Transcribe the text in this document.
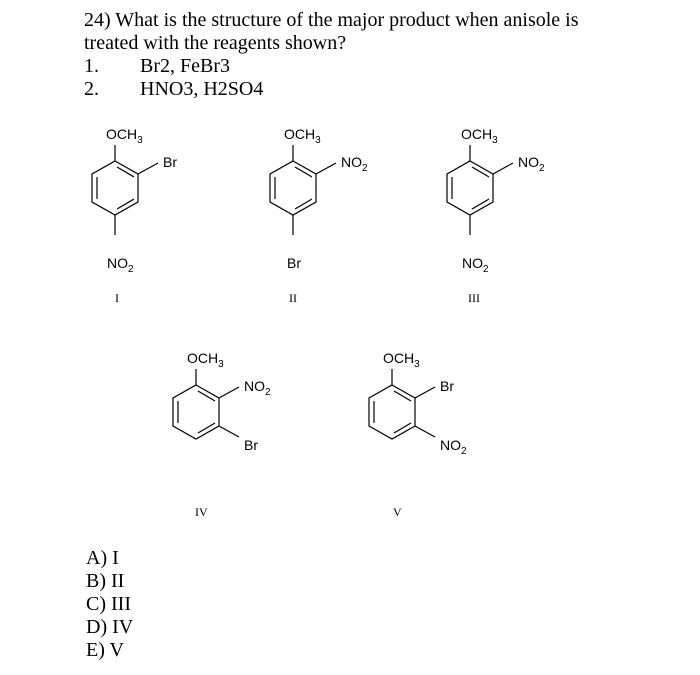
24) What is the structure of the major product when anisole is
treated with the reagents shown?
1. Br2, FeBr3
2. HNO3, H2SO4
$OCH_3$
Br
$NO_2$
$OCH_3$
$NO_2$
Br
$OCH_3$
$NO_2$
$NO_2$
$OCH_3$
$NO_2$
Br
$OCH_3$
Br
$NO_2$
I	II	III
IV	V
A) I
B) II
C) III
D) IV
E) V
